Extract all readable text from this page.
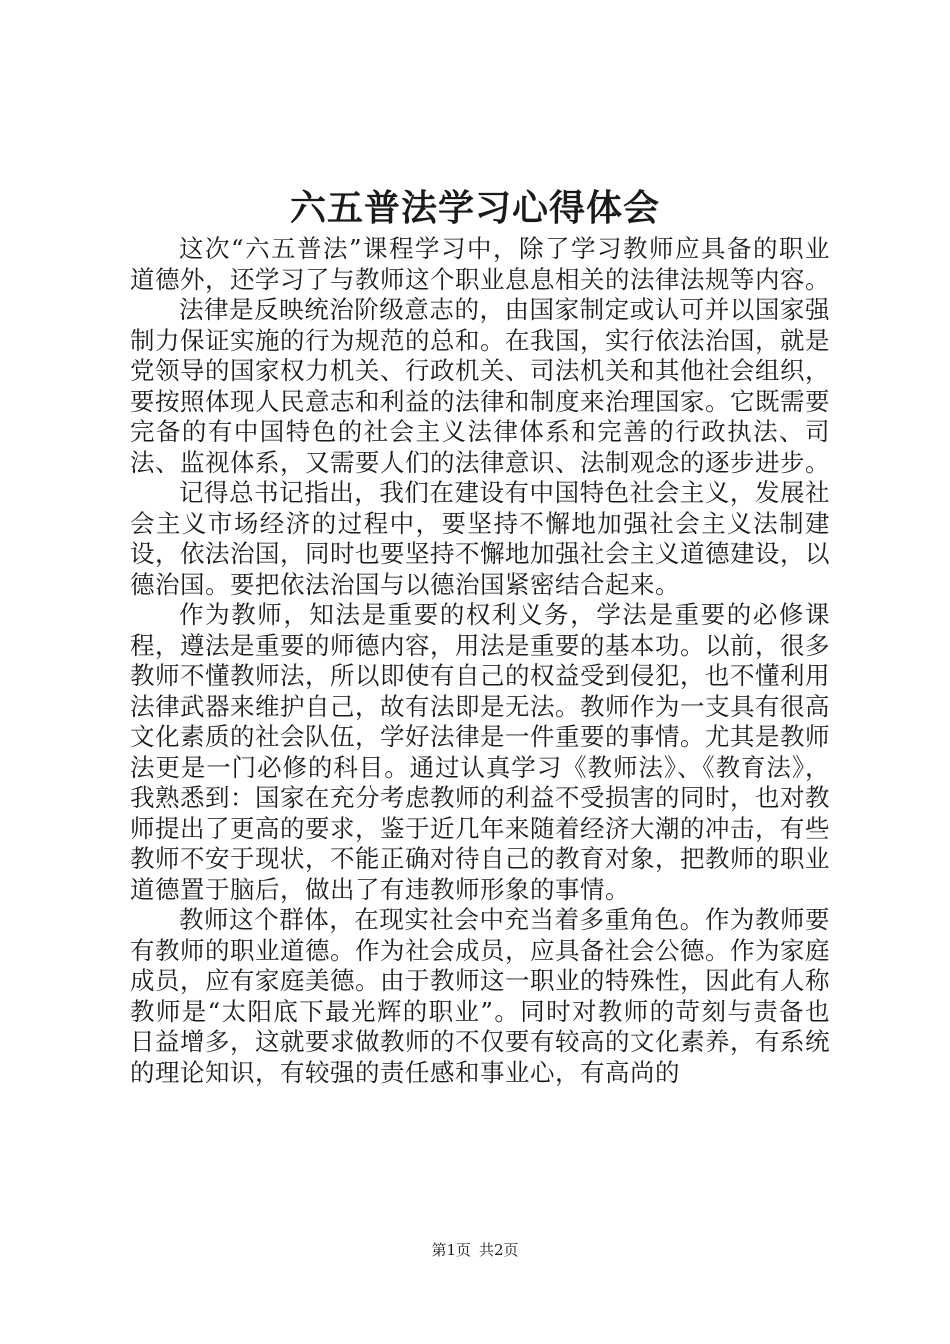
六五普法学习心得体会

这次“六五普法”课程学习中，除了学习教师应具备的职业道德外，还学习了与教师这个职业息息相关的法律法规等内容。

法律是反映统治阶级意志的，由国家制定或认可并以国家强制力保证实施的行为规范的总和。在我国，实行依法治国，就是党领导的国家权力机关、行政机关、司法机关和其他社会组织，要按照体现人民意志和利益的法律和制度来治理国家。它既需要完备的有中国特色的社会主义法律体系和完善的行政执法、司法、监视体系，又需要人们的法律意识、法制观念的逐步进步。

记得总书记指出，我们在建设有中国特色社会主义，发展社会主义市场经济的过程中，要坚持不懈地加强社会主义法制建设，依法治国，同时也要坚持不懈地加强社会主义道德建设，以德治国。要把依法治国与以德治国紧密结合起来。

作为教师，知法是重要的权利义务，学法是重要的必修课程，遵法是重要的师德内容，用法是重要的基本功。以前，很多教师不懂教师法，所以即使有自己的权益受到侵犯，也不懂利用法律武器来维护自己，故有法即是无法。教师作为一支具有很高文化素质的社会队伍，学好法律是一件重要的事情。尤其是教师法更是一门必修的科目。通过认真学习《教师法》、《教育法》，我熟悉到：国家在充分考虑教师的利益不受损害的同时，也对教师提出了更高的要求，鉴于近几年来随着经济大潮的冲击，有些教师不安于现状，不能正确对待自己的教育对象，把教师的职业道德置于脑后，做出了有违教师形象的事情。

教师这个群体，在现实社会中充当着多重角色。作为教师要有教师的职业道德。作为社会成员，应具备社会公德。作为家庭成员，应有家庭美德。由于教师这一职业的特殊性，因此有人称教师是“太阳底下最光辉的职业”。同时对教师的苛刻与责备也日益增多，这就要求做教师的不仅要有较高的文化素养，有系统的理论知识，有较强的责任感和事业心，有高尚的

第1页 共2页
